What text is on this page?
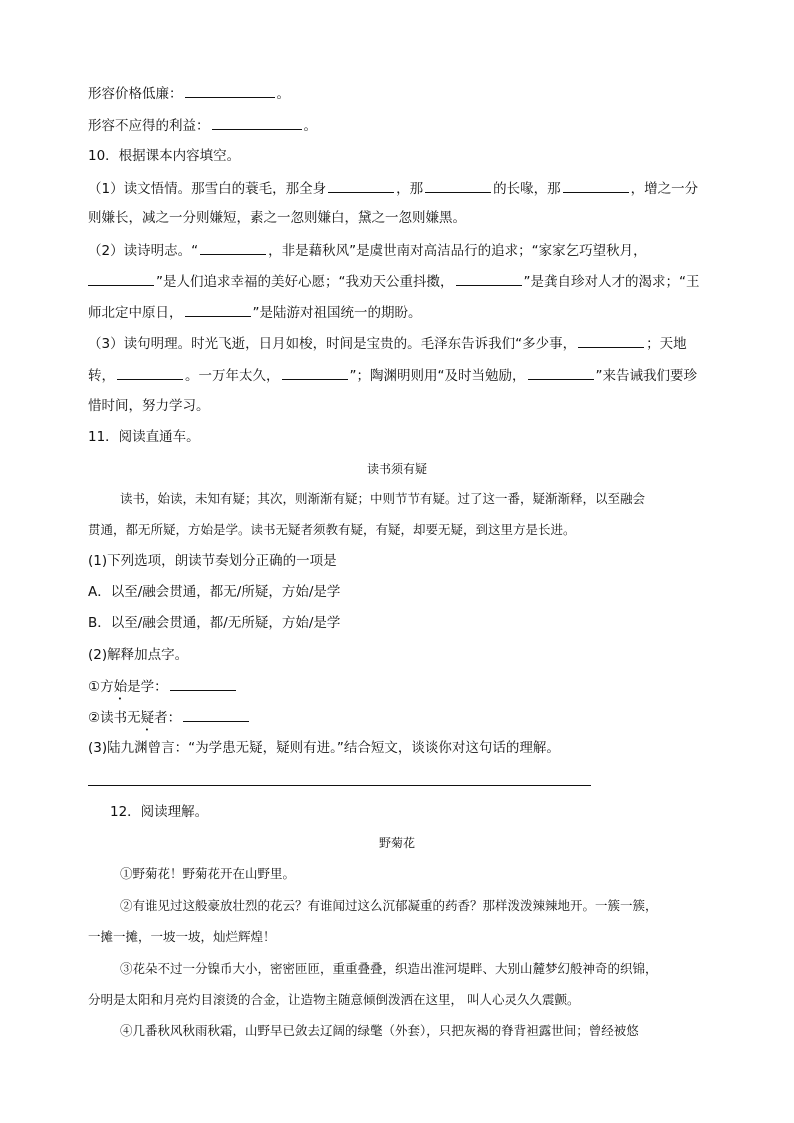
形容价格低廉：	。
形容不应得的利益：	。
10．根据课本内容填空。
（1）读文悟情。那雪白的蓑毛，那全身	，那	的长喙，那	，增之一分
则嫌长，减之一分则嫌短，素之一忽则嫌白，黛之一忽则嫌黑。
（2）读诗明志。“	，非是藉秋风”是虞世南对高洁品行的追求；“家家乞巧望秋月，
”是人们追求幸福的美好心愿；“我劝天公重抖擞，	”是龚自珍对人才的渴求；“王
师北定中原日，	”是陆游对祖国统一的期盼。
（3）读句明理。时光飞逝，日月如梭，时间是宝贵的。毛泽东告诉我们“多少事，	；天地
转，	。一万年太久，	”；陶渊明则用“及时当勉励，	”来告诫我们要珍
惜时间，努力学习。
11．阅读直通车。
读书须有疑
读书，始读，未知有疑；其次，则渐渐有疑；中则节节有疑。过了这一番，疑渐渐释，以至融会
贯通，都无所疑，方始是学。读书无疑者须教有疑，有疑，却要无疑，到这里方是长进。
(1)下列选项，朗读节奏划分正确的一项是
A．以至/融会贯通，都无/所疑，方始/是学
B．以至/融会贯通，都/无所疑，方始/是学
(2)解释加点字。
①方始是学：
②读书无疑者：
(3)陆九渊曾言：“为学患无疑，疑则有进。”结合短文，谈谈你对这句话的理解。
12．阅读理解。
野菊花
①野菊花！野菊花开在山野里。
②有谁见过这般豪放壮烈的花云？有谁闻过这么沉郁凝重的药香？那样泼泼辣辣地开。一簇一簇，
一摊一摊，一坡一坡，灿烂辉煌！
③花朵不过一分镍币大小，密密匝匝，重重叠叠，织造出淮河堤畔、大别山麓梦幻般神奇的织锦，
分明是太阳和月亮灼目滚烫的合金，让造物主随意倾倒泼洒在这里， 叫人心灵久久震颤。
④几番秋风秋雨秋霜，山野早已敛去辽阔的绿氅（外套），只把灰褐的脊背袒露世间；曾经被悠
